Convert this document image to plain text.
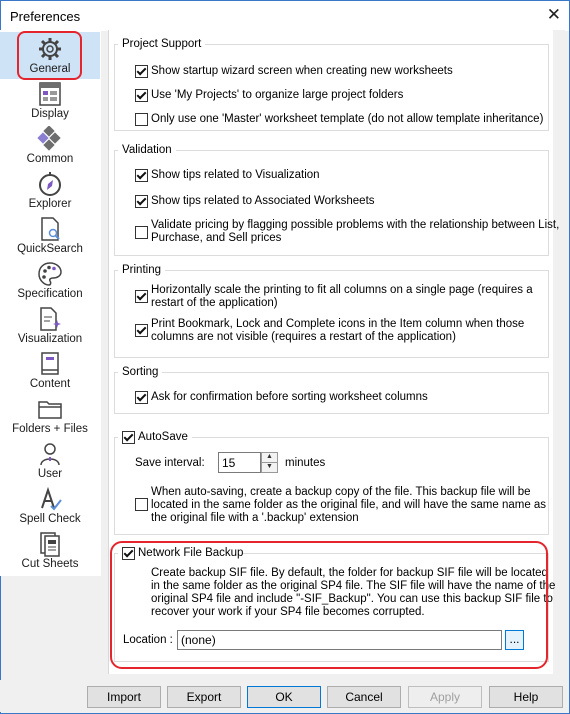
Preferences	✕
General
Display
Common
Explorer
QuickSearch
Specification
Visualization
Content
Folders + Files
User
Spell Check
Cut Sheets
Project Support
Show startup wizard screen when creating new worksheets
Use 'My Projects' to organize large project folders
Only use one 'Master' worksheet template (do not allow template inheritance)
Validation
Show tips related to Visualization
Show tips related to Associated Worksheets
Validate pricing by flagging possible problems with the relationship between List,
Purchase, and Sell prices
Printing
Horizontally scale the printing to fit all columns on a single page (requires a
restart of the application)
Print Bookmark, Lock and Complete icons in the Item column when those
columns are not visible (requires a restart of the application)
Sorting
Ask for confirmation before sorting worksheet columns
AutoSave
Save interval:
15
▲
▼	minutes
When auto-saving, create a backup copy of the file. This backup file will be
located in the same folder as the original file, and will have the same name as
the original file with a '.backup' extension
Network File Backup
Create backup SIF file. By default, the folder for backup SIF file will be located
in the same folder as the original SP4 file. The SIF file will have the name of the
original SP4 file and include "-SIF_Backup". You can use this backup SIF file to
recover your work if your SP4 file becomes corrupted.
Location :
(none)	...
Import	Export	OK	Cancel	Apply	Help
